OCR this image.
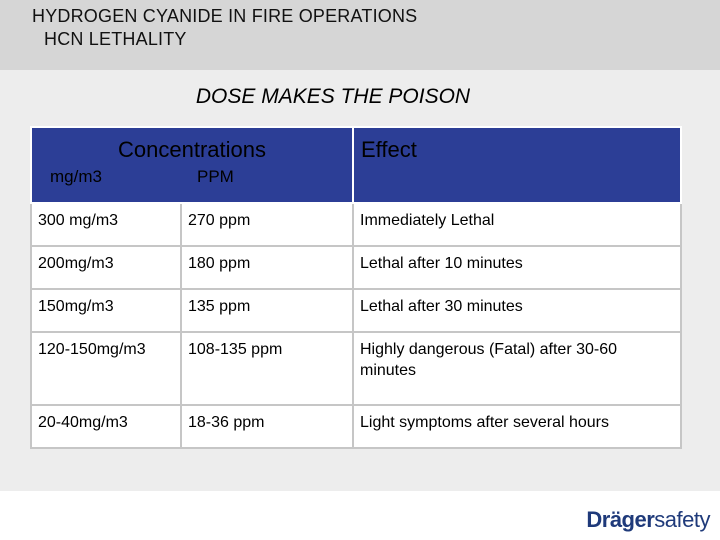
HYDROGEN CYANIDE IN FIRE OPERATIONS
HCN LETHALITY
DOSE MAKES THE POISON
Concentrations
mg/m3 PPM		Effect

300 mg/m3	270 ppm	Immediately Lethal

200mg/m3	180 ppm	Lethal after 10 minutes

150mg/m3	135 ppm	Lethal after 30 minutes

120-150mg/m3	108-135 ppm	Highly dangerous (Fatal) after 30-60 minutes

20-40mg/m3	18-36 ppm	Light symptoms after several hours
Drägersafety
